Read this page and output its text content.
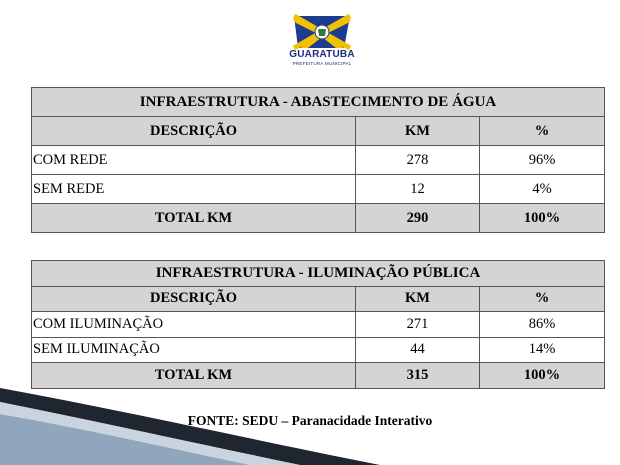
GUARATUBA
PREFEITURA MUNICIPAL
INFRAESTRUTURA - ABASTECIMENTO DE ÁGUA		
DESCRIÇÃO	KM	%
COM REDE	278	96%
SEM REDE	12	4%
TOTAL KM	290	100%
INFRAESTRUTURA - ILUMINAÇÃO PÚBLICA		
DESCRIÇÃO	KM	%
COM ILUMINAÇÃO	271	86%
SEM ILUMINAÇÃO	44	14%
TOTAL KM	315	100%
FONTE: SEDU – Paranacidade Interativo
